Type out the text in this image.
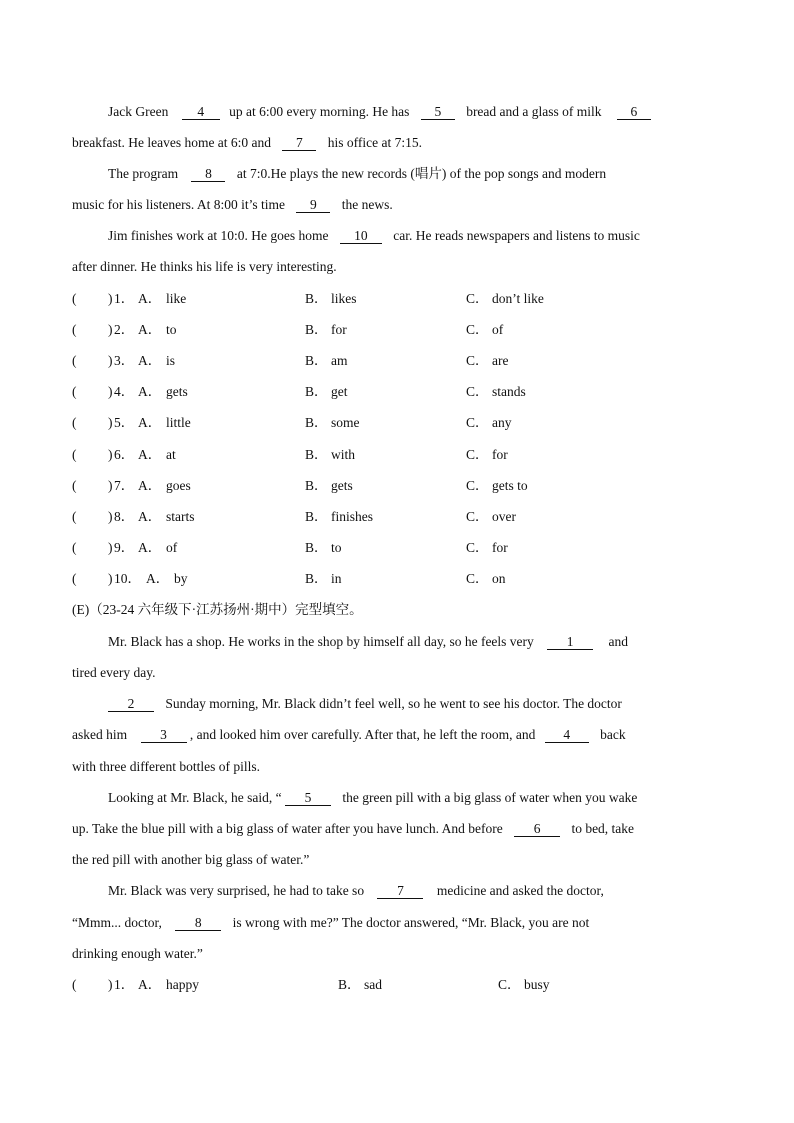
Jack Green 4 up at 6:00 every morning. He has 5 bread and a glass of milk 6
breakfast. He leaves home at 6:0 and 7 his office at 7:15.
The program 8 at 7:0.He plays the new records (唱片) of the pop songs and modern
music for his listeners. At 8:00 it’s time 9 the news.
Jim finishes work at 10:0. He goes home 10 car. He reads newspapers and listens to music
after dinner. He thinks his life is very interesting.
( ) 1． A． like	B． likes	C． don’t like
( ) 2． A． to	B． for	C． of
( ) 3． A． is	B． am	C． are
( ) 4． A． gets	B． get	C． stands
( ) 5． A． little	B． some	C． any
( ) 6． A． at	B． with	C． for
( ) 7． A． goes	B． gets	C． gets to
( ) 8． A． starts	B． finishes	C． over
( ) 9． A． of	B． to	C． for
( ) 10． A． by	B． in	C． on
(E)（23-24 六年级下·江苏扬州·期中）完型填空。
Mr. Black has a shop. He works in the shop by himself all day, so he feels very 1	and
tired every day.
2 Sunday morning, Mr. Black didn’t feel well, so he went to see his doctor. The doctor
asked him 3 , and looked him over carefully. After that, he left the room, and 4 back
with three different bottles of pills.
Looking at Mr. Black, he said, “ 5 the green pill with a big glass of water when you wake
up. Take the blue pill with a big glass of water after you have lunch. And before 6 to bed, take
the red pill with another big glass of water.”
Mr. Black was very surprised, he had to take so 7 medicine and asked the doctor,
“Mmm... doctor, 8 is wrong with me?” The doctor answered, “Mr. Black, you are not
drinking enough water.”
( ) 1． A． happy	B． sad	C． busy
